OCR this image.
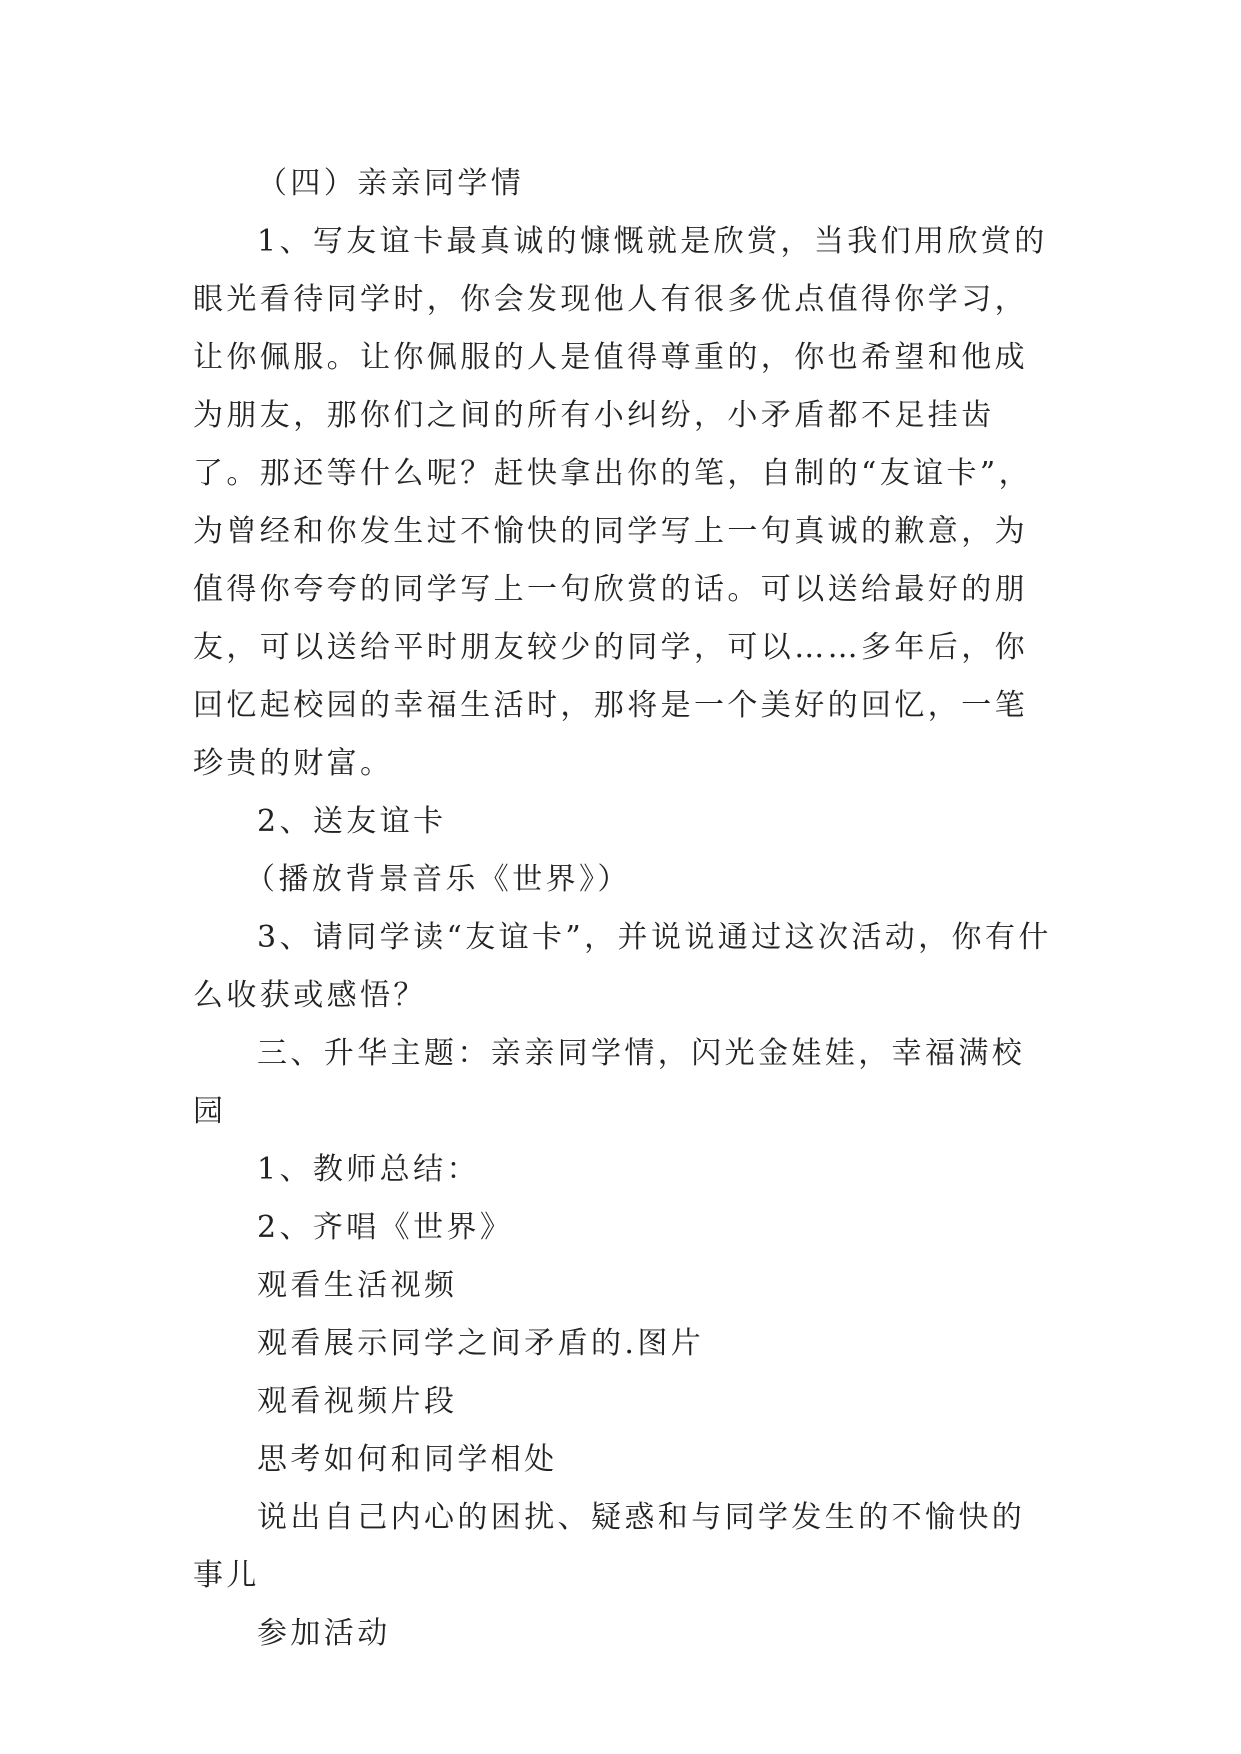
（四）亲亲同学情

1、写友谊卡最真诚的慷慨就是欣赏，当我们用欣赏的眼光看待同学时，你会发现他人有很多优点值得你学习，让你佩服。让你佩服的人是值得尊重的，你也希望和他成为朋友，那你们之间的所有小纠纷，小矛盾都不足挂齿了。那还等什么呢？赶快拿出你的笔，自制的“友谊卡”，为曾经和你发生过不愉快的同学写上一句真诚的歉意，为值得你夸夸的同学写上一句欣赏的话。可以送给最好的朋友，可以送给平时朋友较少的同学，可以……多年后，你回忆起校园的幸福生活时，那将是一个美好的回忆，一笔珍贵的财富。

2、送友谊卡

（播放背景音乐《世界》）

3、请同学读“友谊卡”，并说说通过这次活动，你有什么收获或感悟？

三、升华主题：亲亲同学情，闪光金娃娃，幸福满校园

1、教师总结：

2、齐唱《世界》

观看生活视频

观看展示同学之间矛盾的.图片

观看视频片段

思考如何和同学相处

说出自己内心的困扰、疑惑和与同学发生的不愉快的事儿

参加活动
